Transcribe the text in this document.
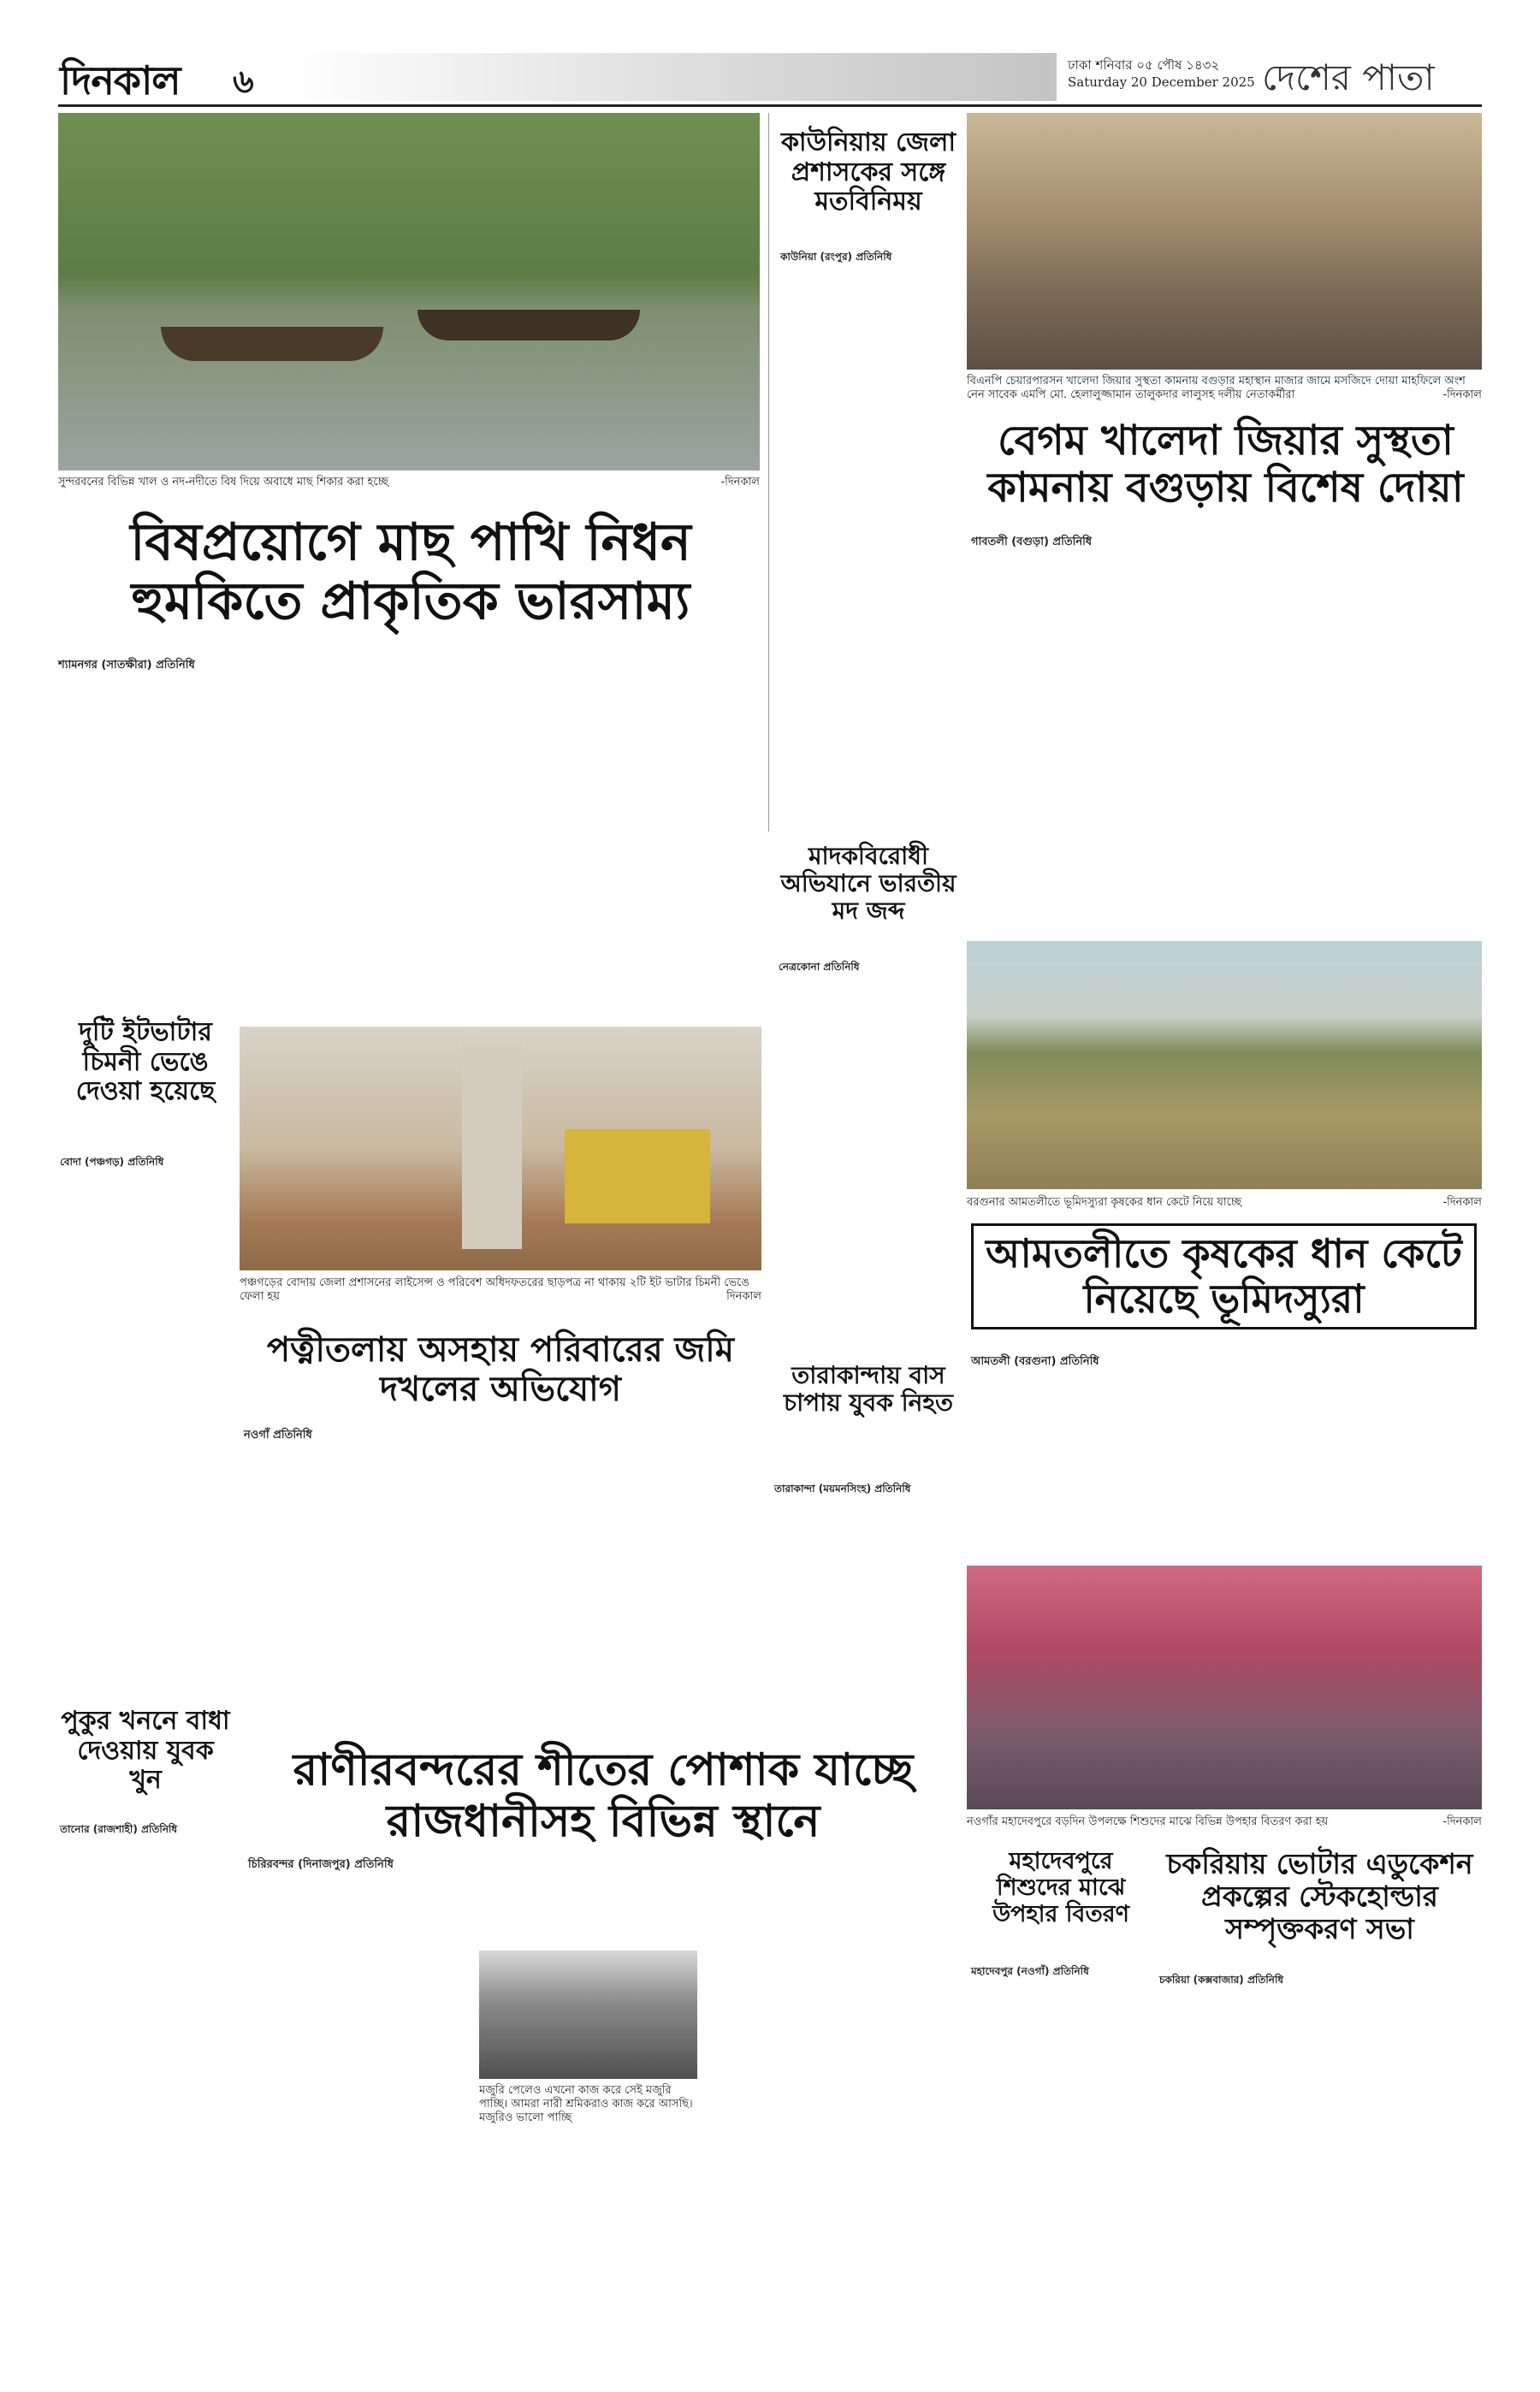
দিনকাল ৬	ঢাকা শনিবার ০৫ পৌষ ১৪৩২
Saturday 20 December 2025 দেশের পাতা
সুন্দরবনের বিভিন্ন খাল ও নদ-নদীতে বিষ দিয়ে অবাধে মাছ শিকার করা হচ্ছে	-দিনকাল
বিষপ্রয়োগে মাছ পাখি নিধন হুমকিতে প্রাকৃতিক ভারসাম্য
শ্যামনগর (সাতক্ষীরা) প্রতিনিধি
কাউনিয়ায় জেলা প্রশাসকের সঙ্গে মতবিনিময়
কাউনিয়া (রংপুর) প্রতিনিধি
বিএনপি চেয়ারপারসন খালেদা জিয়ার সুস্থতা কামনায় বগুড়ার মহাস্থান মাজার জামে মসজিদে দোয়া মাহফিলে অংশ নেন সাবেক এমপি মো. হেলালুজ্জামান তালুকদার লালুসহ দলীয় নেতাকর্মীরা	-দিনকাল
বেগম খালেদা জিয়ার সুস্থতা কামনায় বগুড়ায় বিশেষ দোয়া
গাবতলী (বগুড়া) প্রতিনিধি
বরগুনার আমতলীতে ভূমিদস্যুরা কৃষকের ধান কেটে নিয়ে যাচ্ছে	-দিনকাল
আমতলীতে কৃষকের ধান কেটে নিয়েছে ভূমিদস্যুরা
আমতলী (বরগুনা) প্রতিনিধি
দুটি ইটভাটার চিমনী ভেঙে দেওয়া হয়েছে
বোদা (পঞ্চগড়) প্রতিনিধি
পঞ্চগড়ের বোদায় জেলা প্রশাসনের লাইসেন্স ও পরিবেশ অধিদফতরের ছাড়পত্র না থাকায় ২টি ইট ভাটার চিমনী ভেঙে ফেলা হয়	দিনকাল
মাদকবিরোধী অভিযানে ভারতীয় মদ জব্দ
নেত্রকোনা প্রতিনিধি
পত্নীতলায় অসহায় পরিবারের জমি দখলের অভিযোগ
নওগাঁ প্রতিনিধি
তারাকান্দায় বাস চাপায় যুবক নিহত
তারাকান্দা (ময়মনসিংহ) প্রতিনিধি
পুকুর খননে বাধা দেওয়ায় যুবক খুন
তানোর (রাজশাহী) প্রতিনিধি
রাণীরবন্দরের শীতের পোশাক যাচ্ছে রাজধানীসহ বিভিন্ন স্থানে
চিরিরবন্দর (দিনাজপুর) প্রতিনিধি
মজুরি পেলেও এখনো কাজ করে সেই মজুরি পাচ্ছি। আমরা নারী শ্রমিকরাও কাজ করে আসছি। মজুরিও ভালো পাচ্ছি
নওগাঁর মহাদেবপুরে বড়দিন উপলক্ষে শিশুদের মাঝে বিভিন্ন উপহার বিতরণ করা হয়	-দিনকাল
মহাদেবপুরে শিশুদের মাঝে উপহার বিতরণ
মহাদেবপুর (নওগাঁ) প্রতিনিধি
চকরিয়ায় ভোটার এডুকেশন প্রকল্পের স্টেকহোল্ডার সম্পৃক্তকরণ সভা
চকরিয়া (কক্সবাজার) প্রতিনিধি
